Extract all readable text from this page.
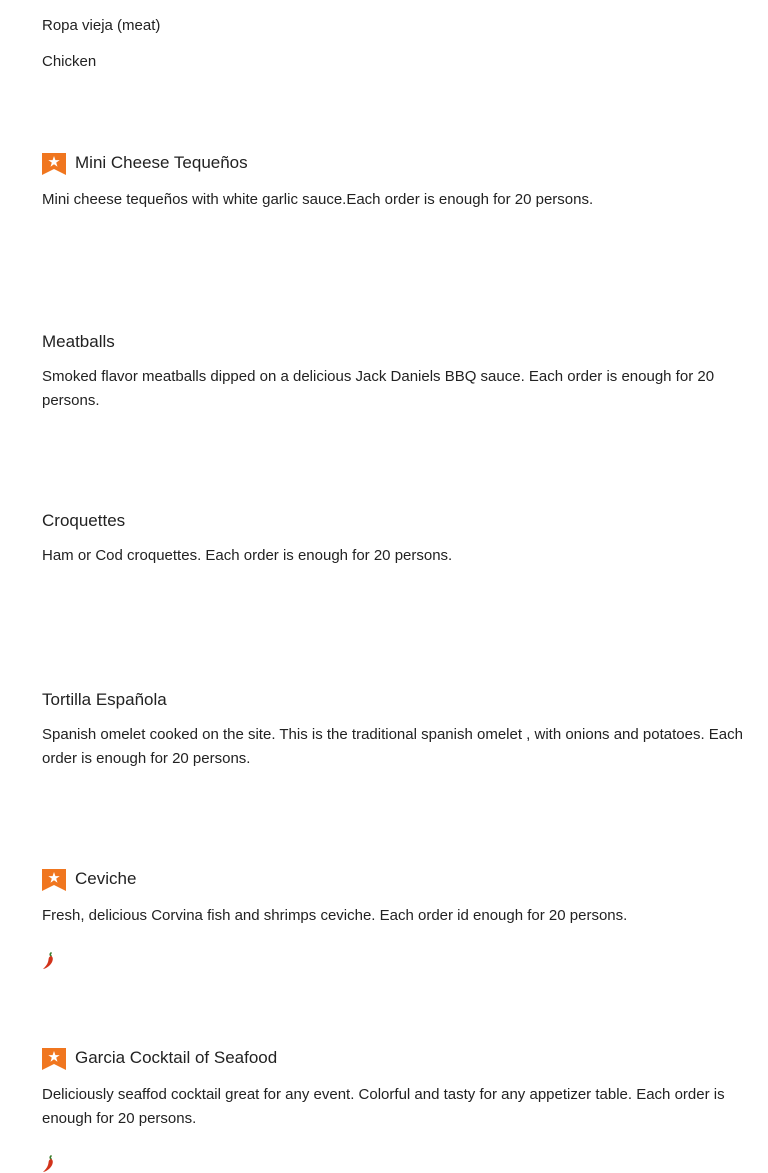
Ropa vieja (meat)

Chicken

Mini Cheese Tequeños

Mini cheese tequeños with white garlic sauce.Each order is enough for 20 persons.

Meatballs

Smoked flavor meatballs dipped on a delicious Jack Daniels BBQ sauce. Each order is enough for 20 persons.

Croquettes

Ham or Cod croquettes. Each order is enough for 20 persons.

Tortilla Española

Spanish omelet cooked on the site. This is the traditional spanish omelet , with onions and potatoes. Each order is enough for 20 persons.

Ceviche

Fresh, delicious Corvina fish and shrimps ceviche. Each order id enough for 20 persons.

Garcia Cocktail of Seafood

Deliciously seaffod cocktail great for any event. Colorful and tasty for any appetizer table. Each order is enough for 20 persons.
